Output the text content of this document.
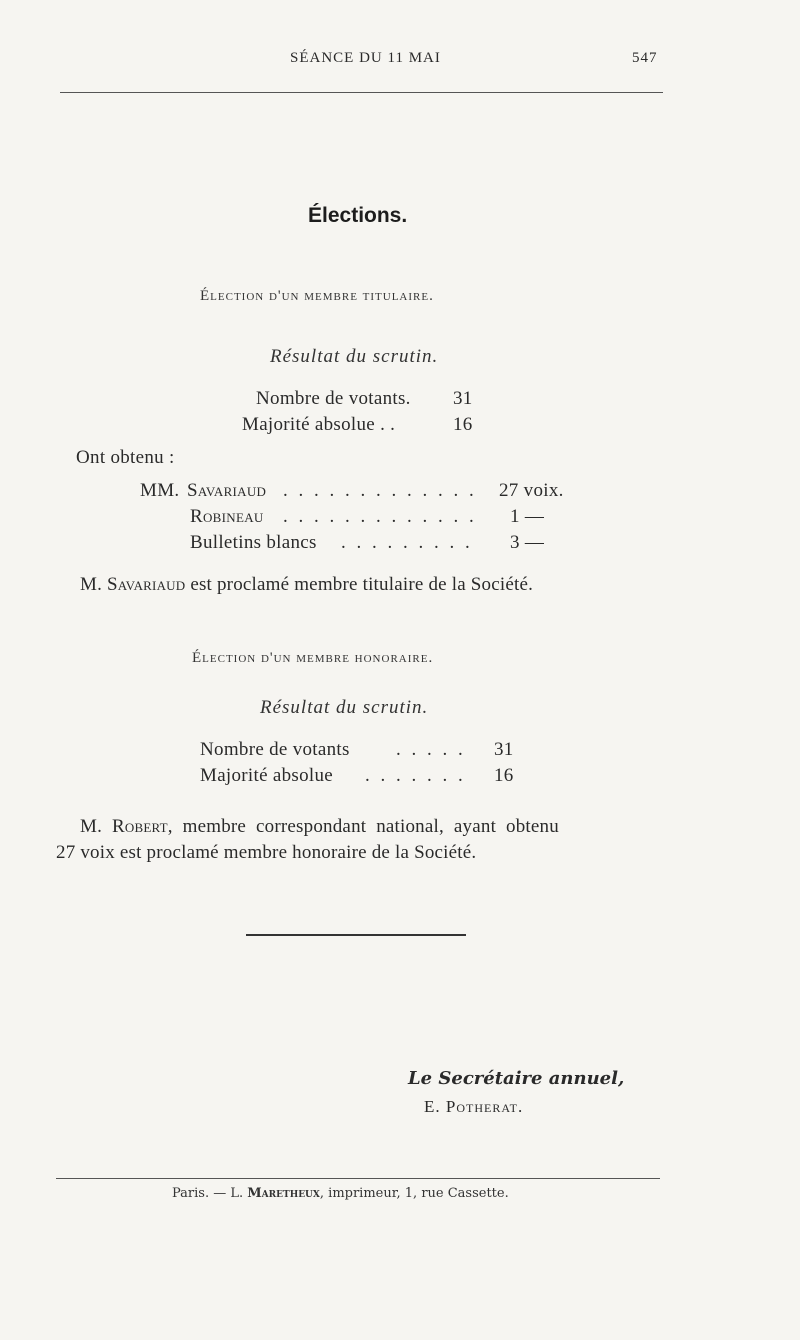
SÉANCE DU 11 MAI	547
Élections.
Élection d'un membre titulaire.
Résultat du scrutin.
Nombre de votants. 31
Majorité absolue . .	16
Ont obtenu :
MM. Savariaud . . . . . . . . . . . . . 27 voix.
Robineau . . . . . . . . . . . . . 1 —
Bulletins blancs . . . . . . . . . 3 —
M. Savariaud est proclamé membre titulaire de la Société.
Élection d'un membre honoraire.
Résultat du scrutin.
Nombre de votants . . . . . 31
Majorité absolue . . . . . . . 16
M. Robert, membre correspondant national, ayant obtenu
27 voix est proclamé membre honoraire de la Société.
Le Secrétaire annuel,
E. Potherat.
Paris. — L. Maretheux, imprimeur, 1, rue Cassette.
